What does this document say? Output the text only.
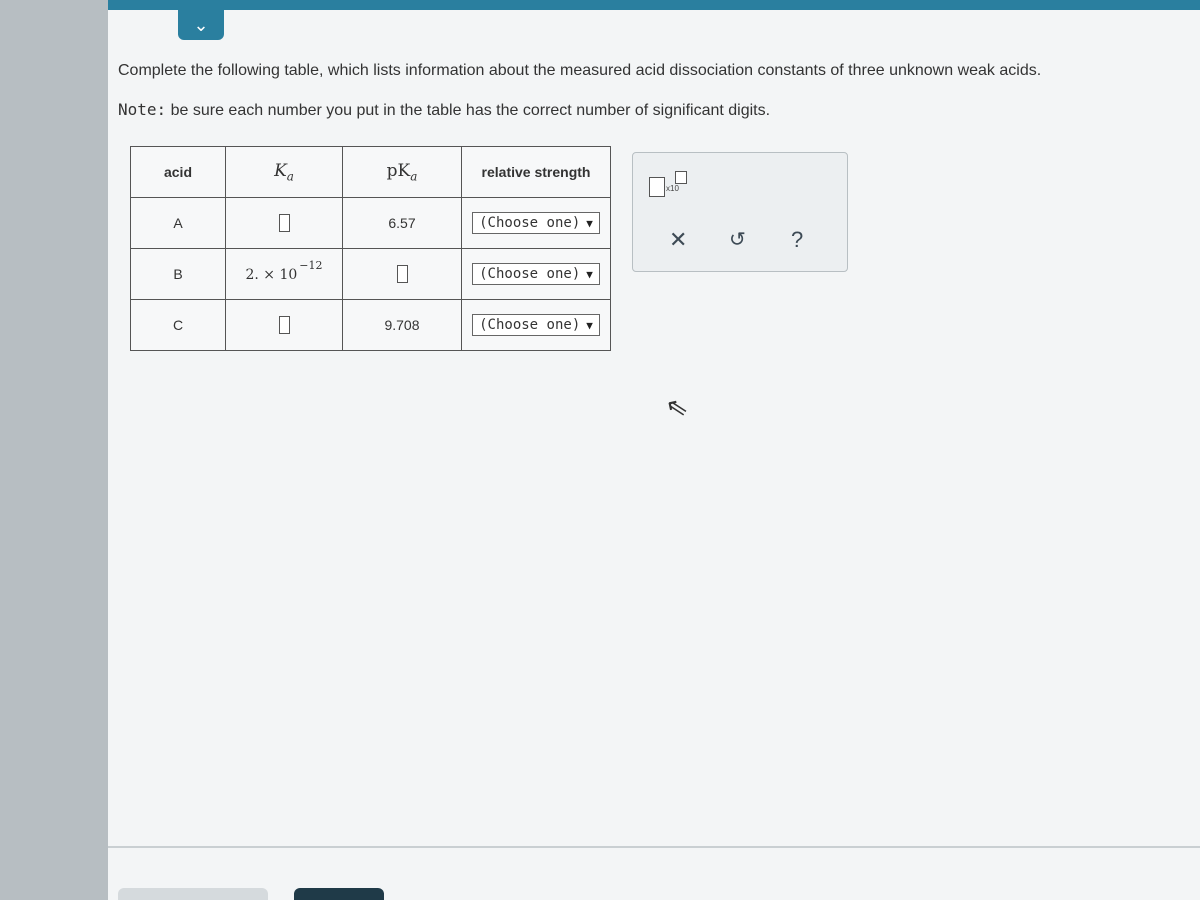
⌄
Complete the following table, which lists information about the measured acid dissociation constants of three unknown weak acids.
Note: be sure each number you put in the table has the correct number of significant digits.
acid	$K_a$	$pK_a$	relative strength
A		6.57	(Choose one) ▼

B	2. × $10^{-12}$		(Choose one) ▼

C		9.708	(Choose one) ▼
x10
✕ ↺ ?
⇖
